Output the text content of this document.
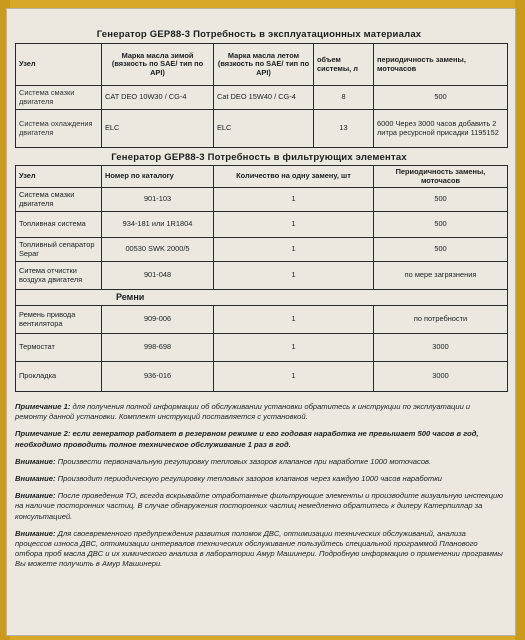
Генератор GEP88-3 Потребность в эксплуатационных материалах
Узел	Марка масла зимой (вязкость по SAE/ тип по API)	Марка масла летом (вязкость по SAE/ тип по API)	объем системы, л	периодичность замены, моточасов
Система смазки двигателя	CAT DEO 10W30 / CG-4	Cat DEO 15W40 / CG-4	8	500
Система охлаждения двигателя	ELC	ELC	13	6000 Через 3000 часов добавить 2 литра ресурсной присадки 1195152
Генератор GEP88-3 Потребность в фильтрующих элементах
Узел	Номер по каталогу	Количество на одну замену, шт	Периодичность замены, моточасов
Система смазки двигателя	901-103	1	500
Топливная система	934-181 или 1R1804	1	500
Топливный сепаратор Separ	00530 SWK 2000/5	1	500
Ситема отчистки воздуха двигателя	901-048	1	по мере загрязнения
Ремни			
Ремень привода вентилятора	909-006	1	по потребности
Термостат	998-698	1	3000
Прокладка	936-016	1	3000

Примечание 1: для получения полной информации об обслуживании установки обратитесь к инструкции по эксплуатации и ремонту данной установки. Комплект инструкций поставляется с установкой.

Примечание 2: если генератор работает в резервном режиме и его годовая наработка не превышает 500 часов в год, необходимо проводить полное техническое обслуживание 1 раз в год.

Внимание: Произвести первоначальную регулировку тепловых зазоров клапанов при наработке 1000 моточасов.

Внимание: Производит периодическую регулировку тепловых зазоров клапанов через каждую 1000 часов наработки

Внимание: После проведения ТО, всегда вскрывайте отработанные фильтрующие элементы и производите визуальную инспекцию на наличие посторонних частиц. В случае обнаружения посторонних частиц немедленно обратитесь к дилеру Катерпиллар за консультацией.

Внимание: Для своевременного предупреждения развития поломок ДВС, оптимизации технических обслуживаний, анализа процессов износа ДВС, оптимизации интервалов технических обслуживание пользуйтесь специальной программой Планового отбора проб масла ДВС и их химического анализа в лаборатории Амур Машинери. Подробную информацию о применении программы Вы можете получить в Амур Машинери.
